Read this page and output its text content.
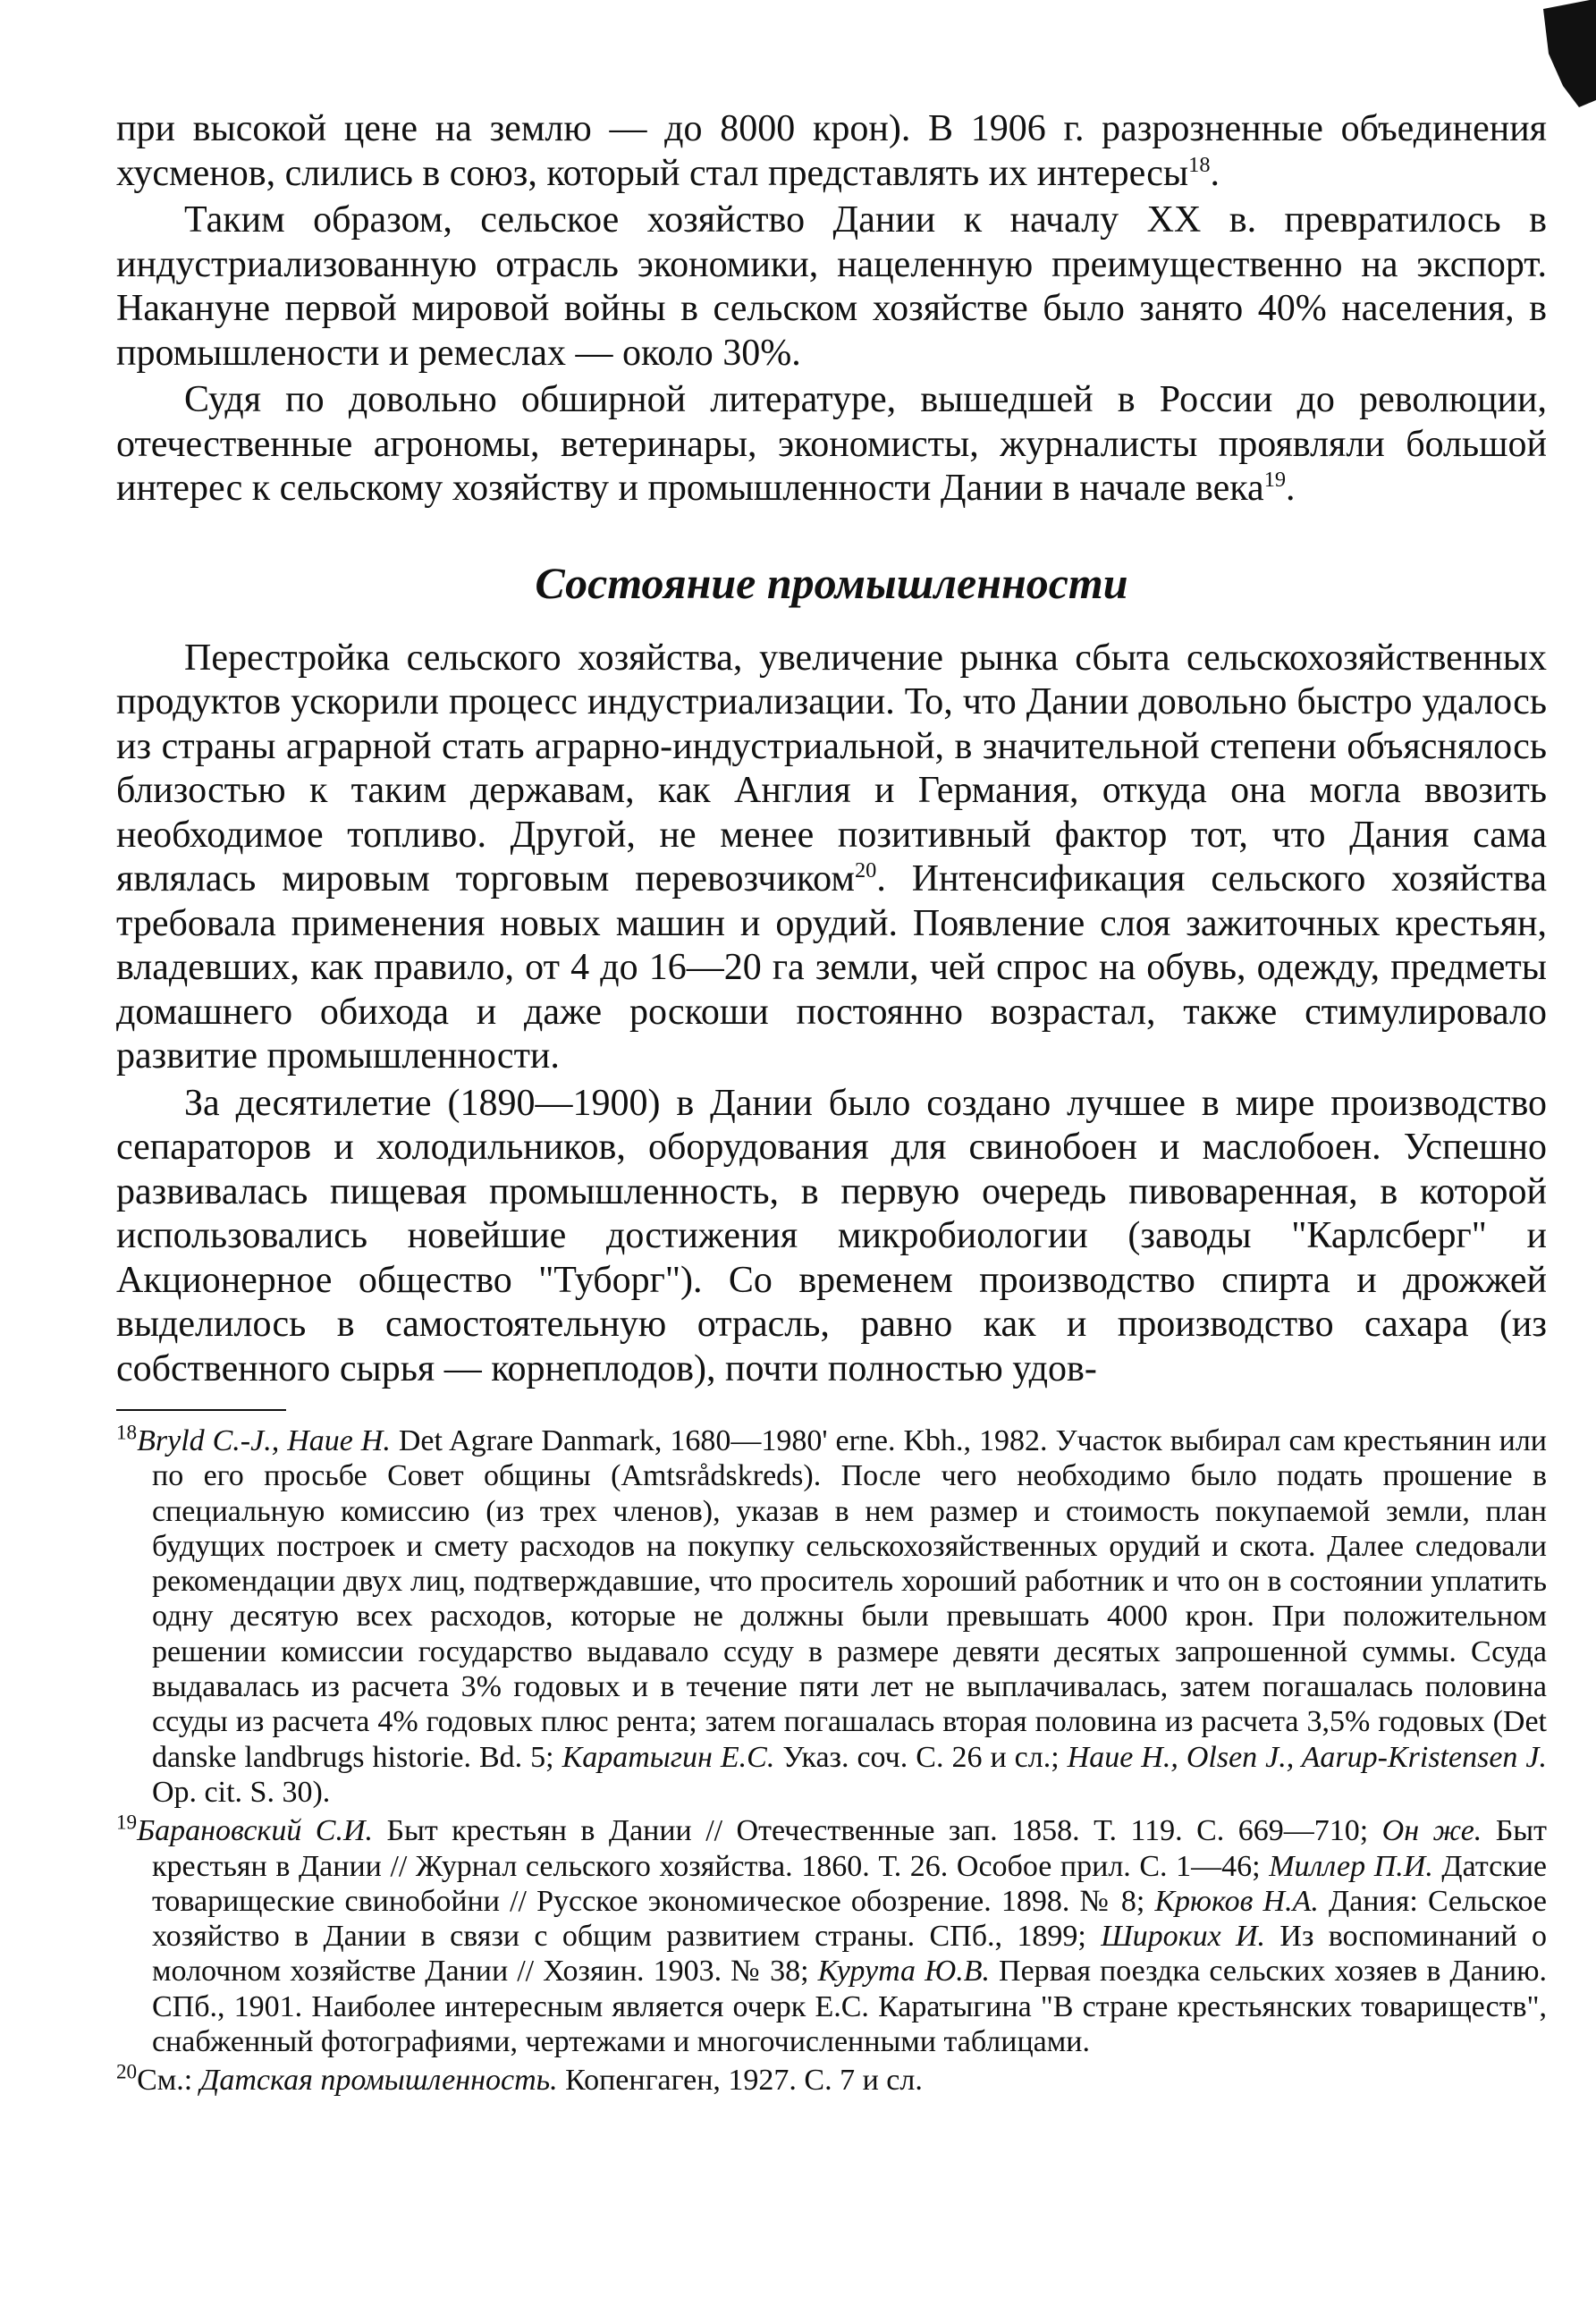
при высокой цене на землю — до 8000 крон). В 1906 г. разрозненные объединения хусменов, слились в союз, который стал представлять их интересы$^{18}$.

Таким образом, сельское хозяйство Дании к началу XX в. превратилось в индустриализованную отрасль экономики, нацеленную преимущественно на экспорт. Накануне первой мировой войны в сельском хозяйстве было занято 40% населения, в промышлености и ремеслах — около 30%.

Судя по довольно обширной литературе, вышедшей в России до революции, отечественные агрономы, ветеринары, экономисты, журналисты проявляли большой интерес к сельскому хозяйству и промышленности Дании в начале века$^{19}$.

Состояние промышленности

Перестройка сельского хозяйства, увеличение рынка сбыта сельскохозяйственных продуктов ускорили процесс индустриализации. То, что Дании довольно быстро удалось из страны аграрной стать аграрно-индустриальной, в значительной степени объяснялось близостью к таким державам, как Англия и Германия, откуда она могла ввозить необходимое топливо. Другой, не менее позитивный фактор тот, что Дания сама являлась мировым торговым перевозчиком$^{20}$. Интенсификация сельского хозяйства требовала применения новых машин и орудий. Появление слоя зажиточных крестьян, владевших, как правило, от 4 до 16—20 га земли, чей спрос на обувь, одежду, предметы домашнего обихода и даже роскоши постоянно возрастал, также стимулировало развитие промышленности.

За десятилетие (1890—1900) в Дании было создано лучшее в мире производство сепараторов и холодильников, оборудования для свинобоен и маслобоен. Успешно развивалась пищевая промышленность, в первую очередь пивоваренная, в которой использовались новейшие достижения микробиологии (заводы "Карлсберг" и Акционерное общество "Туборг"). Со временем производство спирта и дрожжей выделилось в самостоятельную отрасль, равно как и производство сахара (из собственного сырья — корнеплодов), почти полностью удов-

$^{18}$Bryld C.-J., Haue H. Det Agrare Danmark, 1680—1980' erne. Kbh., 1982. Участок выбирал сам крестьянин или по его просьбе Совет общины (Amtsrådskreds). После чего необходимо было подать прошение в специальную комиссию (из трех членов), указав в нем размер и стоимость покупаемой земли, план будущих построек и смету расходов на покупку сельскохозяйственных орудий и скота. Далее следовали рекомендации двух лиц, подтверждавшие, что проситель хороший работник и что он в состоянии уплатить одну десятую всех расходов, которые не должны были превышать 4000 крон. При положительном решении комиссии государство выдавало ссуду в размере девяти десятых запрошенной суммы. Ссуда выдавалась из расчета 3% годовых и в течение пяти лет не выплачивалась, затем погашалась половина ссуды из расчета 4% годовых плюс рента; затем погашалась вторая половина из расчета 3,5% годовых (Det danske landbrugs historie. Bd. 5; Каратыгин Е.С. Указ. соч. С. 26 и сл.; Haue H., Olsen J., Aarup-Kristensen J. Op. cit. S. 30).

$^{19}$Барановский С.И. Быт крестьян в Дании // Отечественные зап. 1858. Т. 119. С. 669—710; Он же. Быт крестьян в Дании // Журнал сельского хозяйства. 1860. Т. 26. Особое прил. С. 1—46; Миллер П.И. Датские товарищеские свинобойни // Русское экономическое обозрение. 1898. № 8; Крюков Н.А. Дания: Сельское хозяйство в Дании в связи с общим развитием страны. СПб., 1899; Широких И. Из воспоминаний о молочном хозяйстве Дании // Хозяин. 1903. № 38; Курута Ю.В. Первая поездка сельских хозяев в Данию. СПб., 1901. Наиболее интересным является очерк Е.С. Каратыгина "В стране крестьянских товариществ", снабженный фотографиями, чертежами и многочисленными таблицами.

$^{20}$См.: Датская промышленность. Копенгаген, 1927. С. 7 и сл.
